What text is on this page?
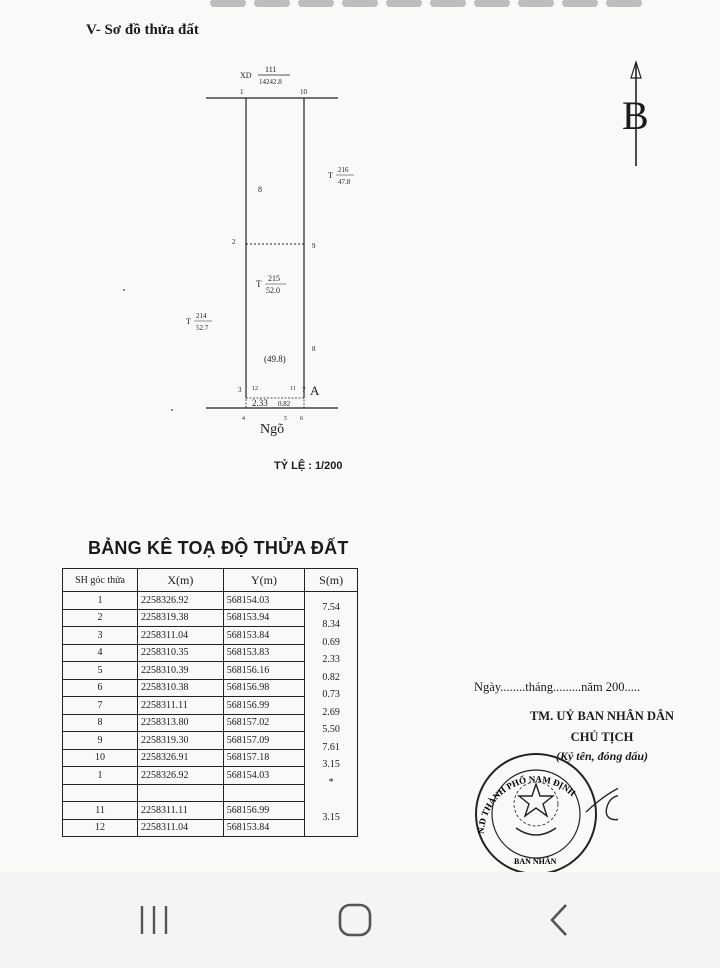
V- Sơ đồ thửa đất
2.33 0.82
XD
111
14242.8
1	10
8
2	9
8
3 12	11 7
4	5 6
A
T
216
47.8
T
215
52.0
T
214
52.7
(49.8)
B
Ngõ
TỶ LỆ : 1/200
BẢNG KÊ TOẠ ĐỘ THỬA ĐẤT
SH góc thửa	X(m)	Y(m)	S(m)
1	2258326.92	568154.03	7.54
2	2258319.38	568153.94	8.34
3	2258311.04	568153.84	0.69
4	2258310.35	568153.83	2.33
5	2258310.39	568156.16	0.82
6	2258310.38	568156.98	0.73
7	2258311.11	568156.99	2.69
8	2258313.80	568157.02	5.50
9	2258319.30	568157.09	7.61
10	2258326.91	568157.18	3.15
1	2258326.92	568154.03	*

11	2258311.11	568156.99	3.15
12	2258311.04	568153.84	
Ngày........tháng.........năm 200.....
TM. UỶ BAN NHÂN DÂN
CHỦ TỊCH
(Ký tên, đóng dấu)
N.D THÀNH PHỐ NAM ĐỊNH
BAN NHÂN
